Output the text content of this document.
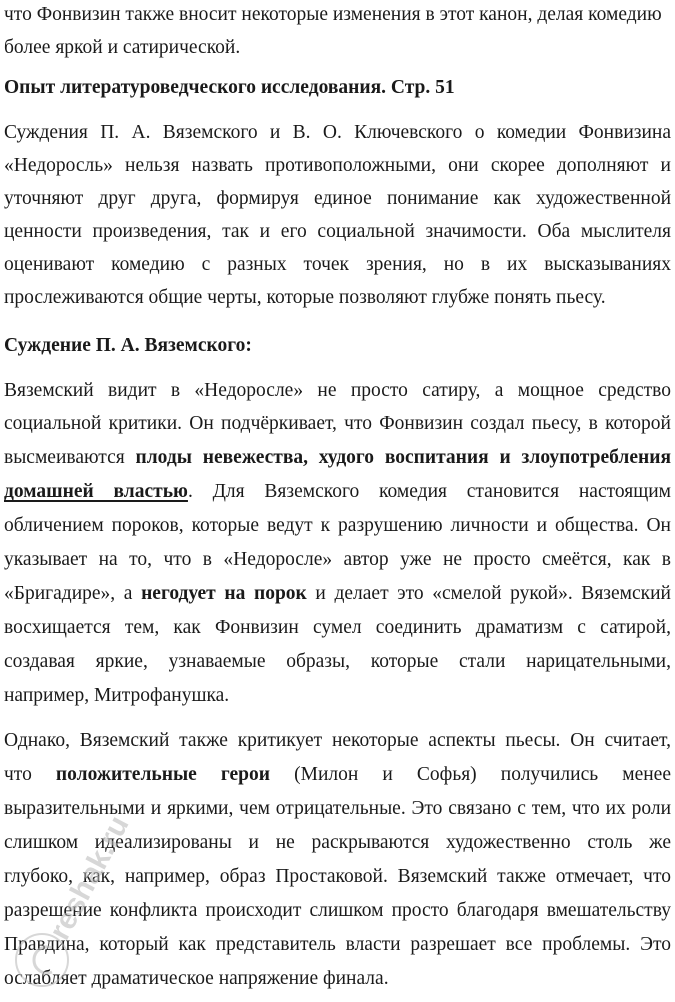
что Фонвизин также вносит некоторые изменения в этот канон, делая комедию
более яркой и сатирической.
Опыт литературоведческого исследования. Стр. 51
Суждения П. А. Вяземского и В. О. Ключевского о комедии Фонвизина
«Недоросль» нельзя назвать противоположными, они скорее дополняют и
уточняют друг друга, формируя единое понимание как художественной
ценности произведения, так и его социальной значимости. Оба мыслителя
оценивают комедию с разных точек зрения, но в их высказываниях
прослеживаются общие черты, которые позволяют глубже понять пьесу.
Суждение П. А. Вяземского:
Вяземский видит в «Недоросле» не просто сатиру, а мощное средство
социальной критики. Он подчёркивает, что Фонвизин создал пьесу, в которой
высмеиваются плоды невежества, худого воспитания и злоупотребления
домашней властью. Для Вяземского комедия становится настоящим
обличением пороков, которые ведут к разрушению личности и общества. Он
указывает на то, что в «Недоросле» автор уже не просто смеётся, как в
«Бригадире», а негодует на порок и делает это «смелой рукой». Вяземский
восхищается тем, как Фонвизин сумел соединить драматизм с сатирой,
создавая яркие, узнаваемые образы, которые стали нарицательными,
например, Митрофанушка.
Однако, Вяземский также критикует некоторые аспекты пьесы. Он считает,
что положительные герои (Милон и Софья) получились менее
выразительными и яркими, чем отрицательные. Это связано с тем, что их роли
слишком идеализированы и не раскрываются художественно столь же
глубоко, как, например, образ Простаковой. Вяземский также отмечает, что
разрешение конфликта происходит слишком просто благодаря вмешательству
Правдина, который как представитель власти разрешает все проблемы. Это
ослабляет драматическое напряжение финала.
reshak.ru
